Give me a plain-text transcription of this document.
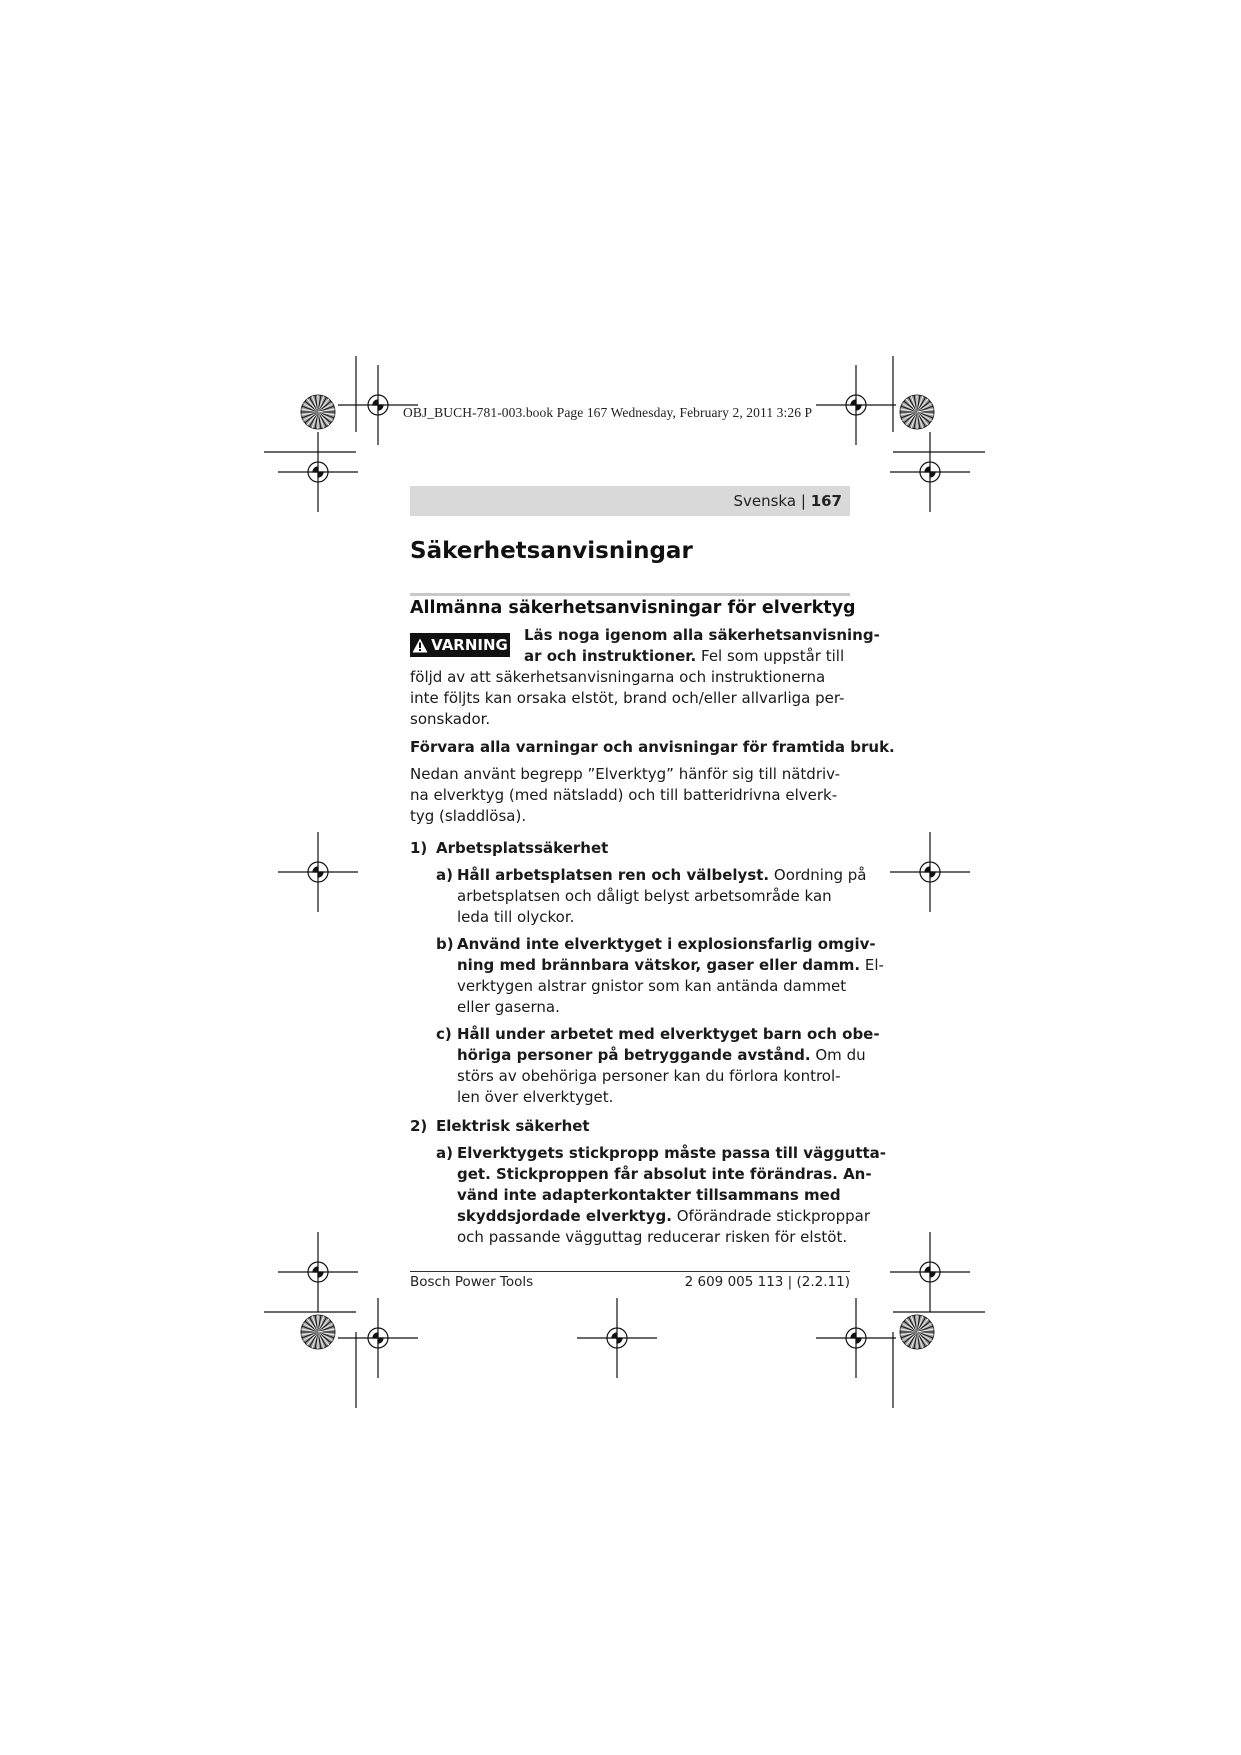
OBJ_BUCH-781-003.book Page 167 Wednesday, February 2, 2011 3:26 P
Svenska | 167
Säkerhetsanvisningar
Allmänna säkerhetsanvisningar för elverktyg
VARNING
Läs noga igenom alla säkerhetsanvisning-
ar och instruktioner. Fel som uppstår till
följd av att säkerhetsanvisningarna och instruktionerna
inte följts kan orsaka elstöt, brand och/eller allvarliga per-
sonskador.
Förvara alla varningar och anvisningar för framtida bruk.
Nedan använt begrepp ”Elverktyg” hänför sig till nätdriv-
na elverktyg (med nätsladd) och till batteridrivna elverk-
tyg (sladdlösa).
1) Arbetsplatssäkerhet
a) Håll arbetsplatsen ren och välbelyst. Oordning på
arbetsplatsen och dåligt belyst arbetsområde kan
leda till olyckor.
b) Använd inte elverktyget i explosionsfarlig omgiv-
ning med brännbara vätskor, gaser eller damm. El-
verktygen alstrar gnistor som kan antända dammet
eller gaserna.
c) Håll under arbetet med elverktyget barn och obe-
höriga personer på betryggande avstånd. Om du
störs av obehöriga personer kan du förlora kontrol-
len över elverktyget.
2) Elektrisk säkerhet
a) Elverktygets stickpropp måste passa till vägguttа-
get. Stickproppen får absolut inte förändras. An-
vänd inte adapterkontakter tillsammans med
skyddsjordade elverktyg. Oförändrade stickproppar
och passande vägguttag reducerar risken för elstöt.
Bosch Power Tools	2 609 005 113 | (2.2.11)
